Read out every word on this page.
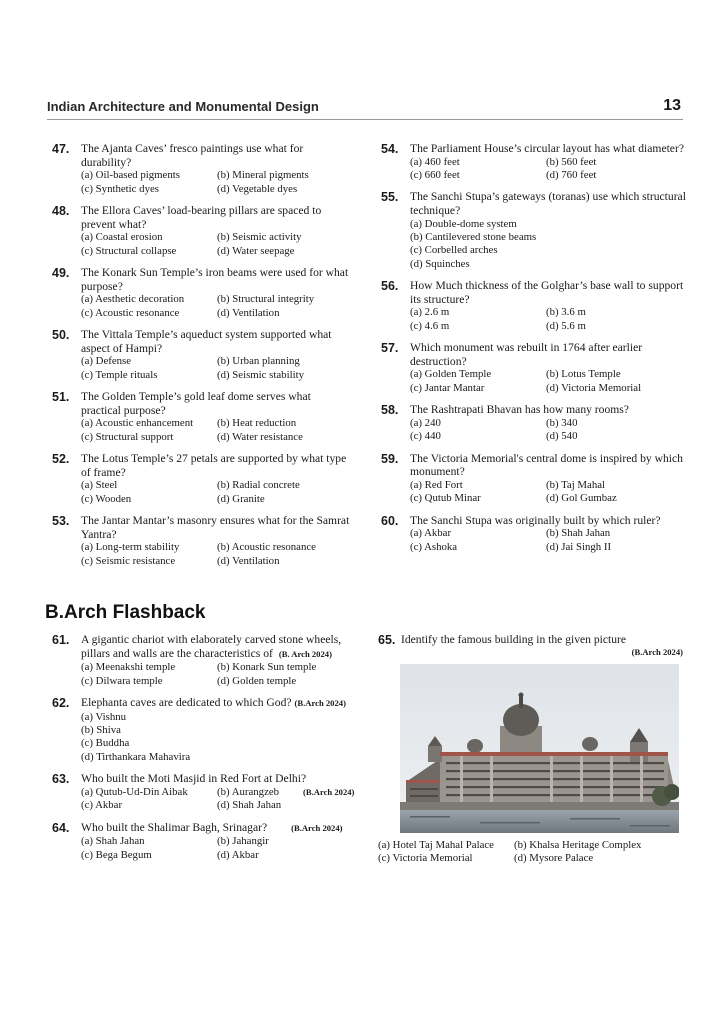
Indian Architecture and Monumental Design	13
47. The Ajanta Caves’ fresco paintings use what for durability?
(a) Oil-based pigments	(b) Mineral pigments
(c) Synthetic dyes	(d) Vegetable dyes
48. The Ellora Caves’ load-bearing pillars are spaced to prevent what?
(a) Coastal erosion	(b) Seismic activity
(c) Structural collapse	(d) Water seepage
49. The Konark Sun Temple’s iron beams were used for what purpose?
(a) Aesthetic decoration	(b) Structural integrity
(c) Acoustic resonance	(d) Ventilation
50. The Vittala Temple’s aqueduct system supported what aspect of Hampi?
(a) Defense	(b) Urban planning
(c) Temple rituals	(d) Seismic stability
51. The Golden Temple’s gold leaf dome serves what practical purpose?
(a) Acoustic enhancement	(b) Heat reduction
(c) Structural support	(d) Water resistance
52. The Lotus Temple’s 27 petals are supported by what type of frame?
(a) Steel	(b) Radial concrete
(c) Wooden	(d) Granite
53. The Jantar Mantar’s masonry ensures what for the Samrat Yantra?
(a) Long-term stability	(b) Acoustic resonance
(c) Seismic resistance	(d) Ventilation
54. The Parliament House’s circular layout has what diameter?
(a) 460 feet	(b) 560 feet
(c) 660 feet	(d) 760 feet
55. The Sanchi Stupa’s gateways (toranas) use which structural technique?
(a) Double-dome system
(b) Cantilevered stone beams
(c) Corbelled arches
(d) Squinches
56. How Much thickness of the Golghar’s base wall to support its structure?
(a) 2.6 m	(b) 3.6 m
(c) 4.6 m	(d) 5.6 m
57. Which monument was rebuilt in 1764 after earlier destruction?
(a) Golden Temple	(b) Lotus Temple
(c) Jantar Mantar	(d) Victoria Memorial
58. The Rashtrapati Bhavan has how many rooms?
(a) 240	(b) 340
(c) 440	(d) 540
59. The Victoria Memorial's central dome is inspired by which monument?
(a) Red Fort	(b) Taj Mahal
(c) Qutub Minar	(d) Gol Gumbaz
60. The Sanchi Stupa was originally built by which ruler?
(a) Akbar	(b) Shah Jahan
(c) Ashoka	(d) Jai Singh II
B.Arch Flashback
61. A gigantic chariot with elaborately carved stone wheels, pillars and walls are the characteristics of (B. Arch 2024)
(a) Meenakshi temple	(b) Konark Sun temple
(c) Dilwara temple	(d) Golden temple
62. Elephanta caves are dedicated to which God? (B.Arch 2024)
(a) Vishnu
(b) Shiva
(c) Buddha
(d) Tirthankara Mahavira
63. Who built the Moti Masjid in Red Fort at Delhi?
(a) Qutub-Ud-Din Aibak	(b) Aurangzeb	(B.Arch 2024)
(c) Akbar	(d) Shah Jahan
64. Who built the Shalimar Bagh, Srinagar?	(B.Arch 2024)
(a) Shah Jahan	(b) Jahangir
(c) Bega Begum	(d) Akbar
65. Identify the famous building in the given picture
(B.Arch 2024)
(a) Hotel Taj Mahal Palace	(b) Khalsa Heritage Complex
(c) Victoria Memorial	(d) Mysore Palace
